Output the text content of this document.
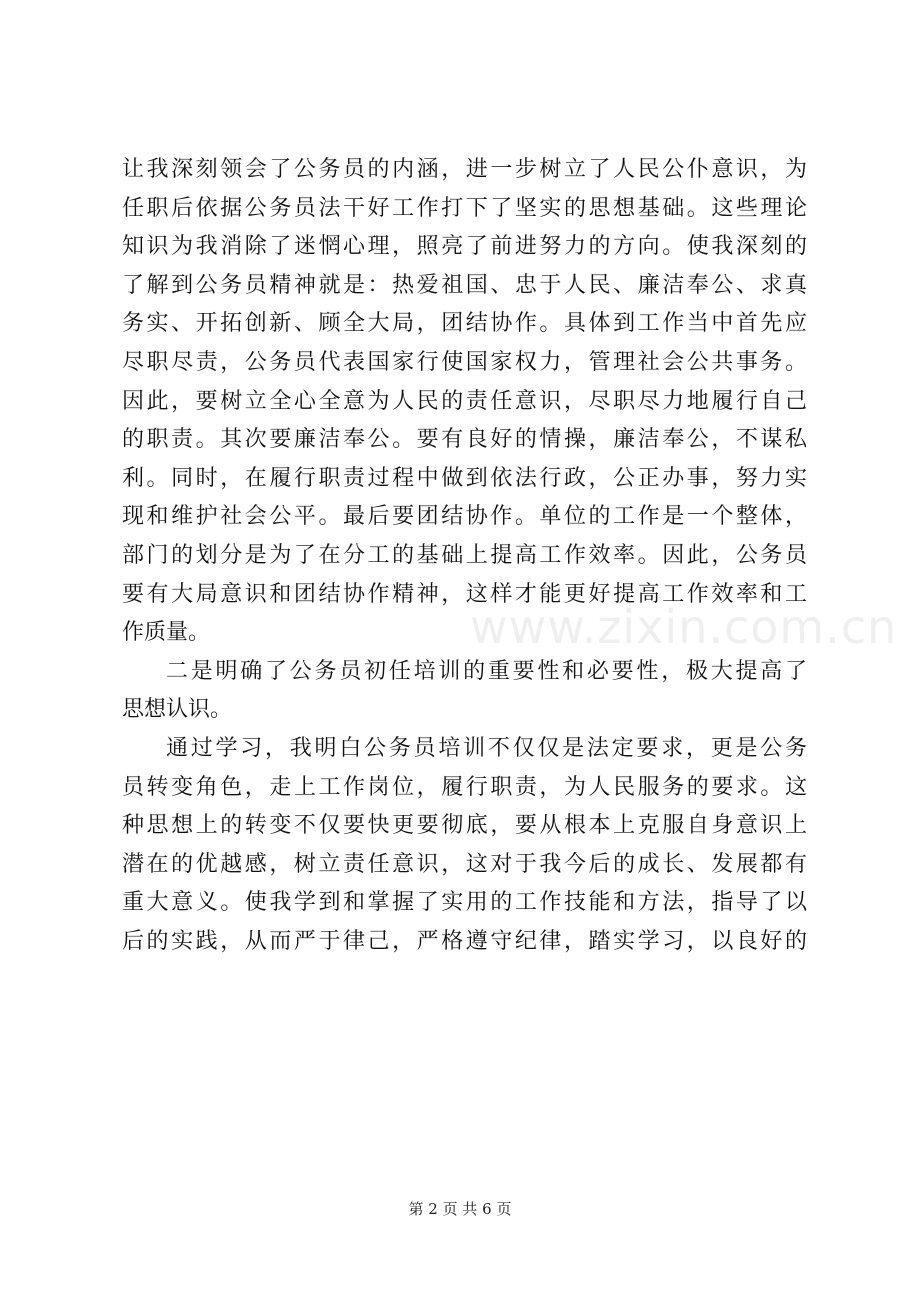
www.zixin.com.cn
让我深刻领会了公务员的内涵，进一步树立了人民公仆意识，为
任职后依据公务员法干好工作打下了坚实的思想基础。这些理论
知识为我消除了迷惘心理，照亮了前进努力的方向。使我深刻的
了解到公务员精神就是：热爱祖国、忠于人民、廉洁奉公、求真
务实、开拓创新、顾全大局，团结协作。具体到工作当中首先应
尽职尽责，公务员代表国家行使国家权力，管理社会公共事务。
因此，要树立全心全意为人民的责任意识，尽职尽力地履行自己
的职责。其次要廉洁奉公。要有良好的情操，廉洁奉公，不谋私
利。同时，在履行职责过程中做到依法行政，公正办事，努力实
现和维护社会公平。最后要团结协作。单位的工作是一个整体，
部门的划分是为了在分工的基础上提高工作效率。因此，公务员
要有大局意识和团结协作精神，这样才能更好提高工作效率和工
作质量。
二是明确了公务员初任培训的重要性和必要性，极大提高了
思想认识。
通过学习，我明白公务员培训不仅仅是法定要求，更是公务
员转变角色，走上工作岗位，履行职责，为人民服务的要求。这
种思想上的转变不仅要快更要彻底，要从根本上克服自身意识上
潜在的优越感，树立责任意识，这对于我今后的成长、发展都有
重大意义。使我学到和掌握了实用的工作技能和方法，指导了以
后的实践，从而严于律己，严格遵守纪律，踏实学习，以良好的
第 2 页 共 6 页
